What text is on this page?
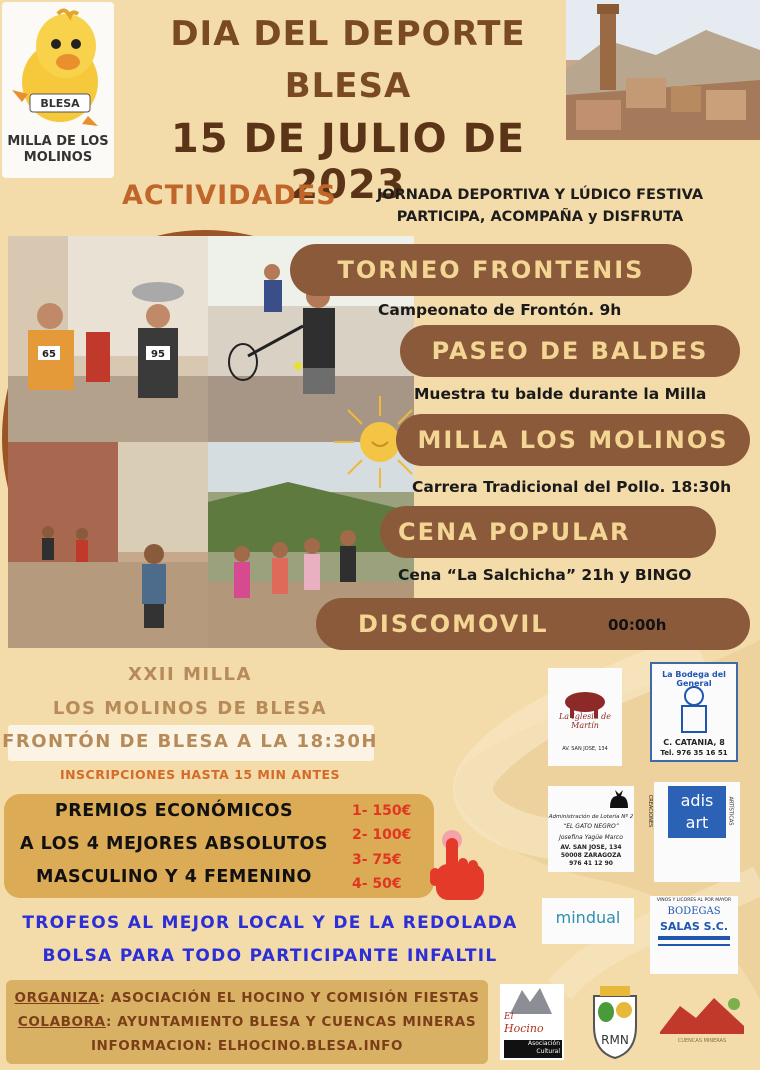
BLESA
MILLA DE LOS
MOLINOS
DIA DEL DEPORTE
BLESA
15 DE JULIO DE 2023
ACTIVIDADES	JORNADA DEPORTIVA Y LÚDICO FESTIVA
PARTICIPA, ACOMPAÑA y DISFRUTA
95
65
TORNEO FRONTENIS
Campeonato de Frontón. 9h
PASEO DE BALDES
Muestra tu balde durante la Milla
MILLA LOS MOLINOS
Carrera Tradicional del Pollo. 18:30h
CENA POPULAR
Cena “La Salchicha” 21h y BINGO
DISCOMOVIL	00:00h
XXII MILLA
LOS MOLINOS DE BLESA
FRONTÓN DE BLESA A LA 18:30H
INSCRIPCIONES HASTA 15 MIN ANTES
PREMIOS ECONÓMICOS
A LOS 4 MEJORES ABSOLUTOS
MASCULINO Y 4 FEMENINO
1- 150€
2- 100€
3- 75€
4- 50€
TROFEOS AL MEJOR LOCAL Y DE LA REDOLADA
BOLSA PARA TODO PARTICIPANTE INFALTIL
ORGANIZA: ASOCIACIÓN EL HOCINO Y COMISIÓN FIESTAS
COLABORA: AYUNTAMIENTO BLESA Y CUENCAS MINERAS
INFORMACION: ELHOCINO.BLESA.INFO
La Iglesia de Martín
AV. SAN JOSE, 134
La Bodega del General
C. CATANIA, 8
Tel. 976 35 16 51
Administración de Lotería Nº 2
“EL GATO NEGRO”
Josefina Yagüe Marco
AV. SAN JOSE, 134
50008 ZARAGOZA
976 41 12 90
adis
art
CREACIONES	ARTÍSTICAS
mindual
VINOS Y LICORES AL POR MAYOR
BODEGAS
SALAS S.C.
El
Hocino
Asociación
Cultural
RMN	CUENCAS MINERAS
